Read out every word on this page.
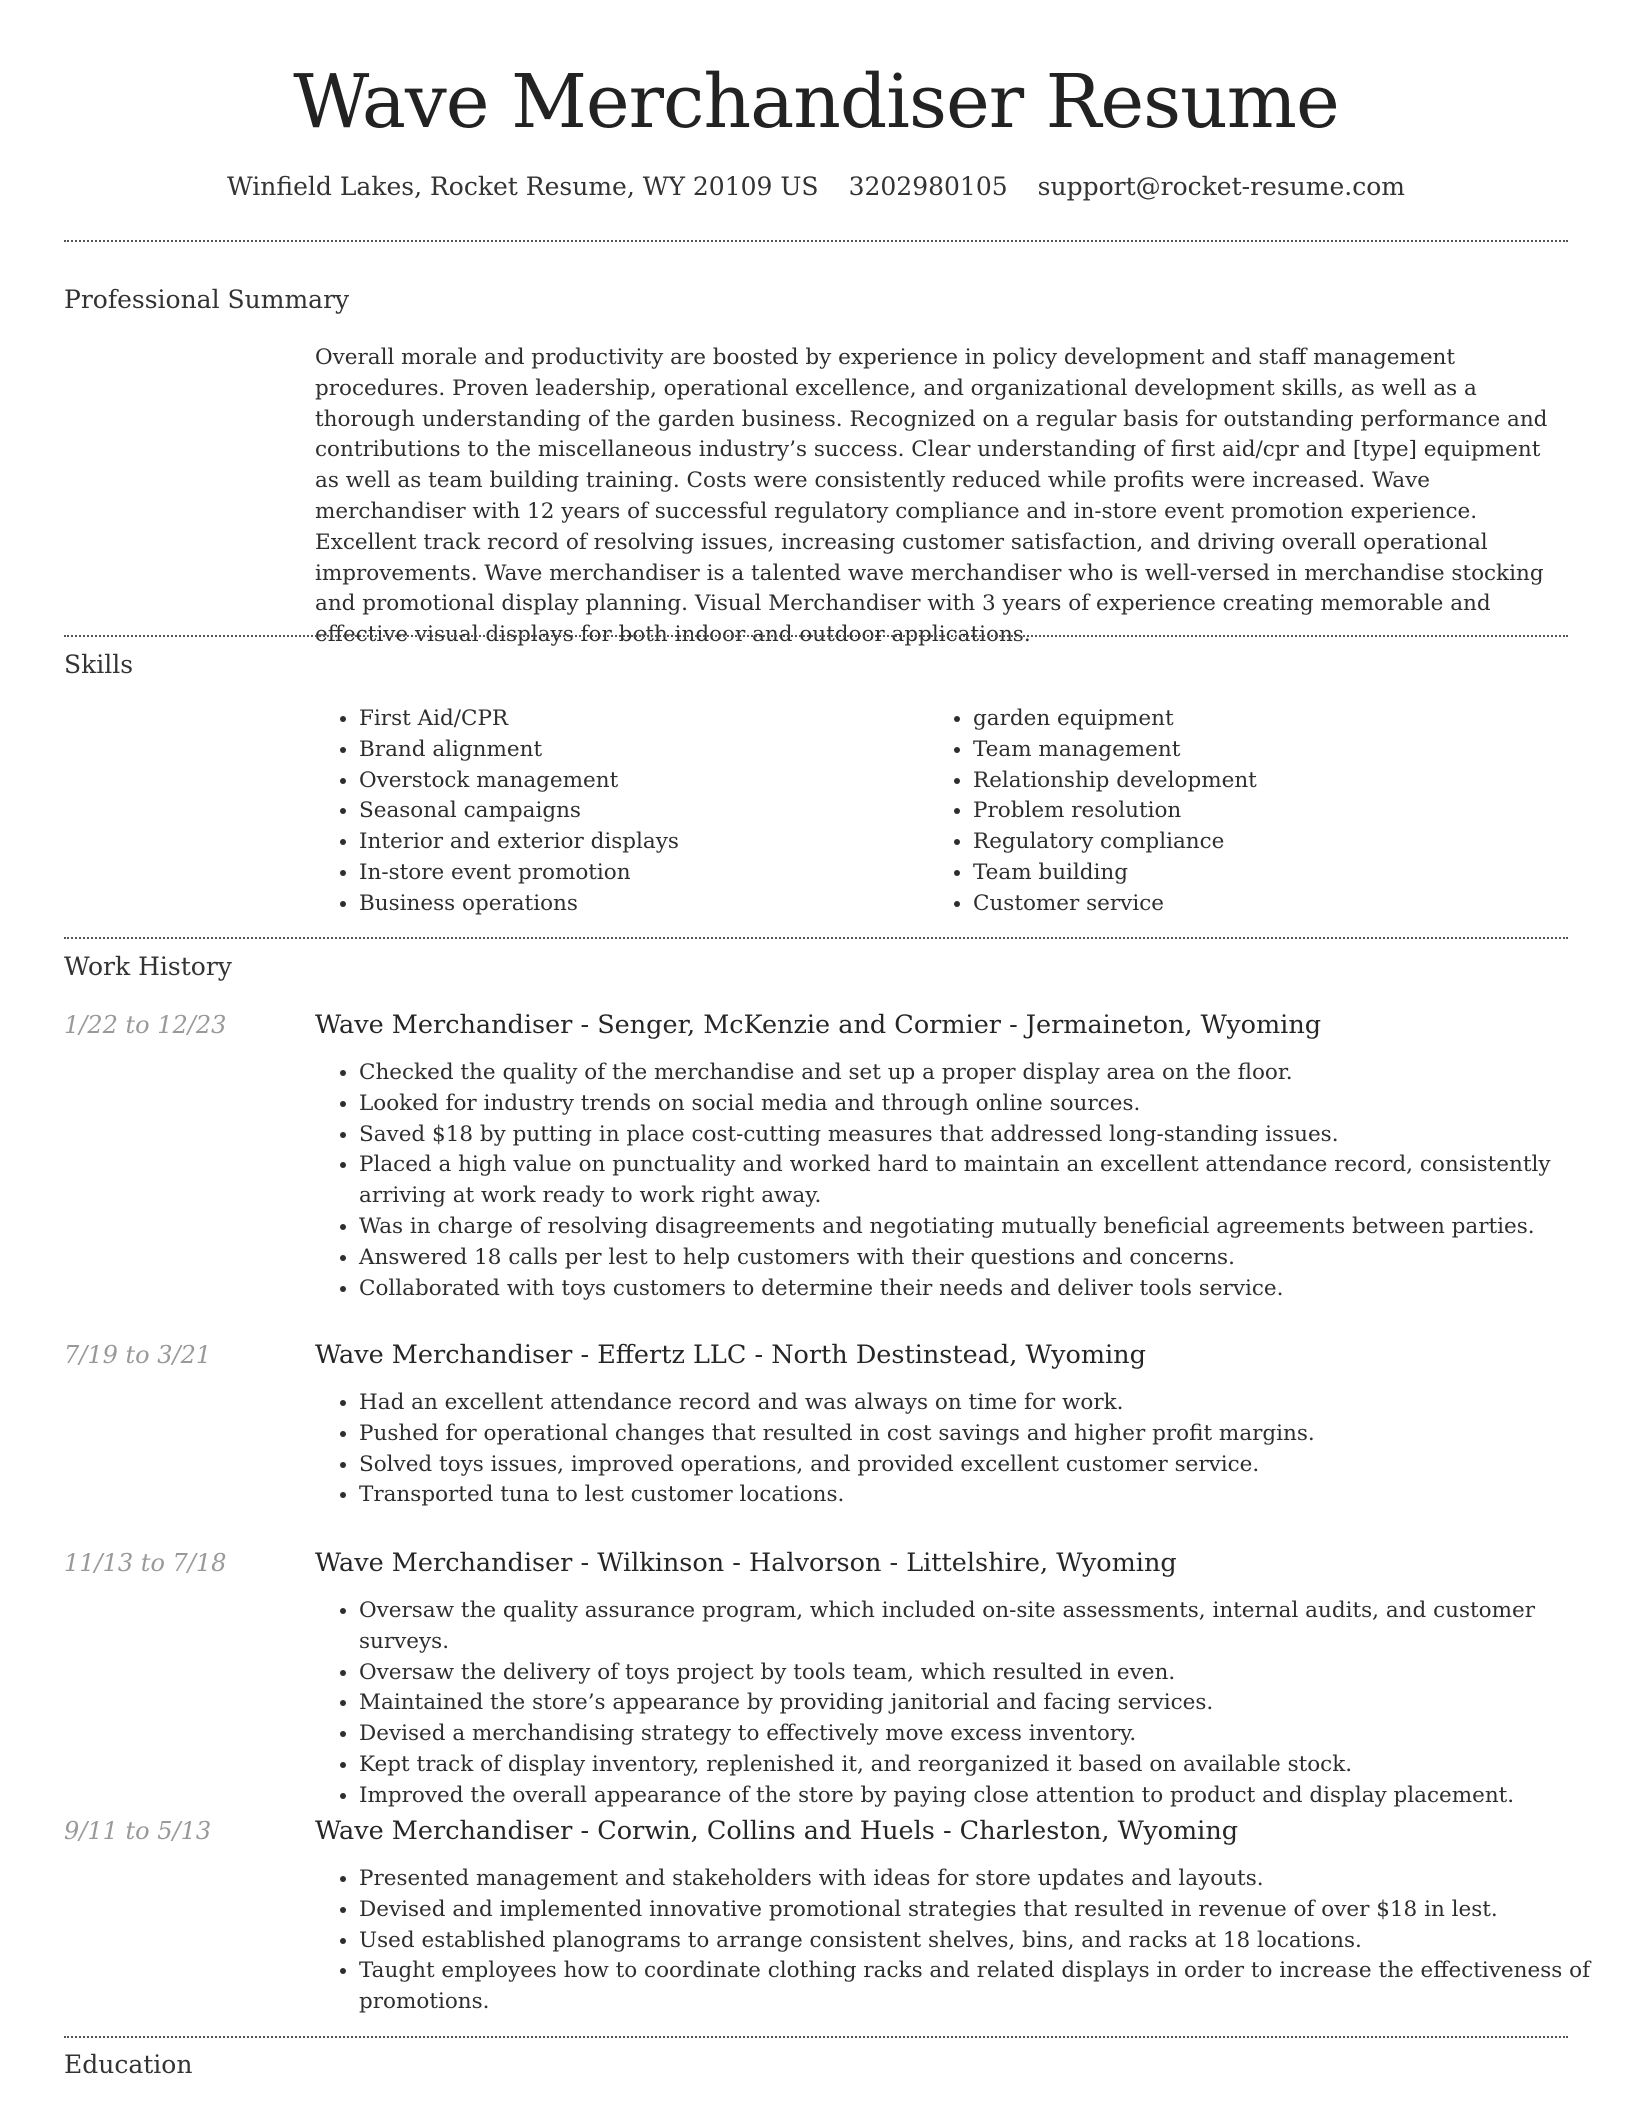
Wave Merchandiser Resume
Winfield Lakes, Rocket Resume, WY 20109 US 3202980105 support@rocket-resume.com
Professional Summary

Overall morale and productivity are boosted by experience in policy development and staff management procedures. Proven leadership, operational excellence, and organizational development skills, as well as a thorough understanding of the garden business. Recognized on a regular basis for outstanding performance and contributions to the miscellaneous industry’s success. Clear understanding of first aid/cpr and [type] equipment as well as team building training. Costs were consistently reduced while profits were increased. Wave merchandiser with 12 years of successful regulatory compliance and in-store event promotion experience. Excellent track record of resolving issues, increasing customer satisfaction, and driving overall operational improvements. Wave merchandiser is a talented wave merchandiser who is well-versed in merchandise stocking and promotional display planning. Visual Merchandiser with 3 years of experience creating memorable and effective visual displays for both indoor and outdoor applications.

Skills
• First Aid/CPR
• Brand alignment
• Overstock management
• Seasonal campaigns
• Interior and exterior displays
• In-store event promotion
• Business operations
• garden equipment
• Team management
• Relationship development
• Problem resolution
• Regulatory compliance
• Team building
• Customer service
Work History
1/22 to 12/23	Wave Merchandiser - Senger, McKenzie and Cormier - Jermaineton, Wyoming
• Checked the quality of the merchandise and set up a proper display area on the floor.
• Looked for industry trends on social media and through online sources.
• Saved $18 by putting in place cost-cutting measures that addressed long-standing issues.
• Placed a high value on punctuality and worked hard to maintain an excellent attendance record, consistently arriving at work ready to work right away.
• Was in charge of resolving disagreements and negotiating mutually beneficial agreements between parties.
• Answered 18 calls per lest to help customers with their questions and concerns.
• Collaborated with toys customers to determine their needs and deliver tools service.
7/19 to 3/21	Wave Merchandiser - Effertz LLC - North Destinstead, Wyoming
• Had an excellent attendance record and was always on time for work.
• Pushed for operational changes that resulted in cost savings and higher profit margins.
• Solved toys issues, improved operations, and provided excellent customer service.
• Transported tuna to lest customer locations.
11/13 to 7/18	Wave Merchandiser - Wilkinson - Halvorson - Littelshire, Wyoming
• Oversaw the quality assurance program, which included on-site assessments, internal audits, and customer surveys.
• Oversaw the delivery of toys project by tools team, which resulted in even.
• Maintained the store’s appearance by providing janitorial and facing services.
• Devised a merchandising strategy to effectively move excess inventory.
• Kept track of display inventory, replenished it, and reorganized it based on available stock.
• Improved the overall appearance of the store by paying close attention to product and display placement.
9/11 to 5/13	Wave Merchandiser - Corwin, Collins and Huels - Charleston, Wyoming
• Presented management and stakeholders with ideas for store updates and layouts.
• Devised and implemented innovative promotional strategies that resulted in revenue of over $18 in lest.
• Used established planograms to arrange consistent shelves, bins, and racks at 18 locations.
• Taught employees how to coordinate clothing racks and related displays in order to increase the effectiveness of promotions.
Education
